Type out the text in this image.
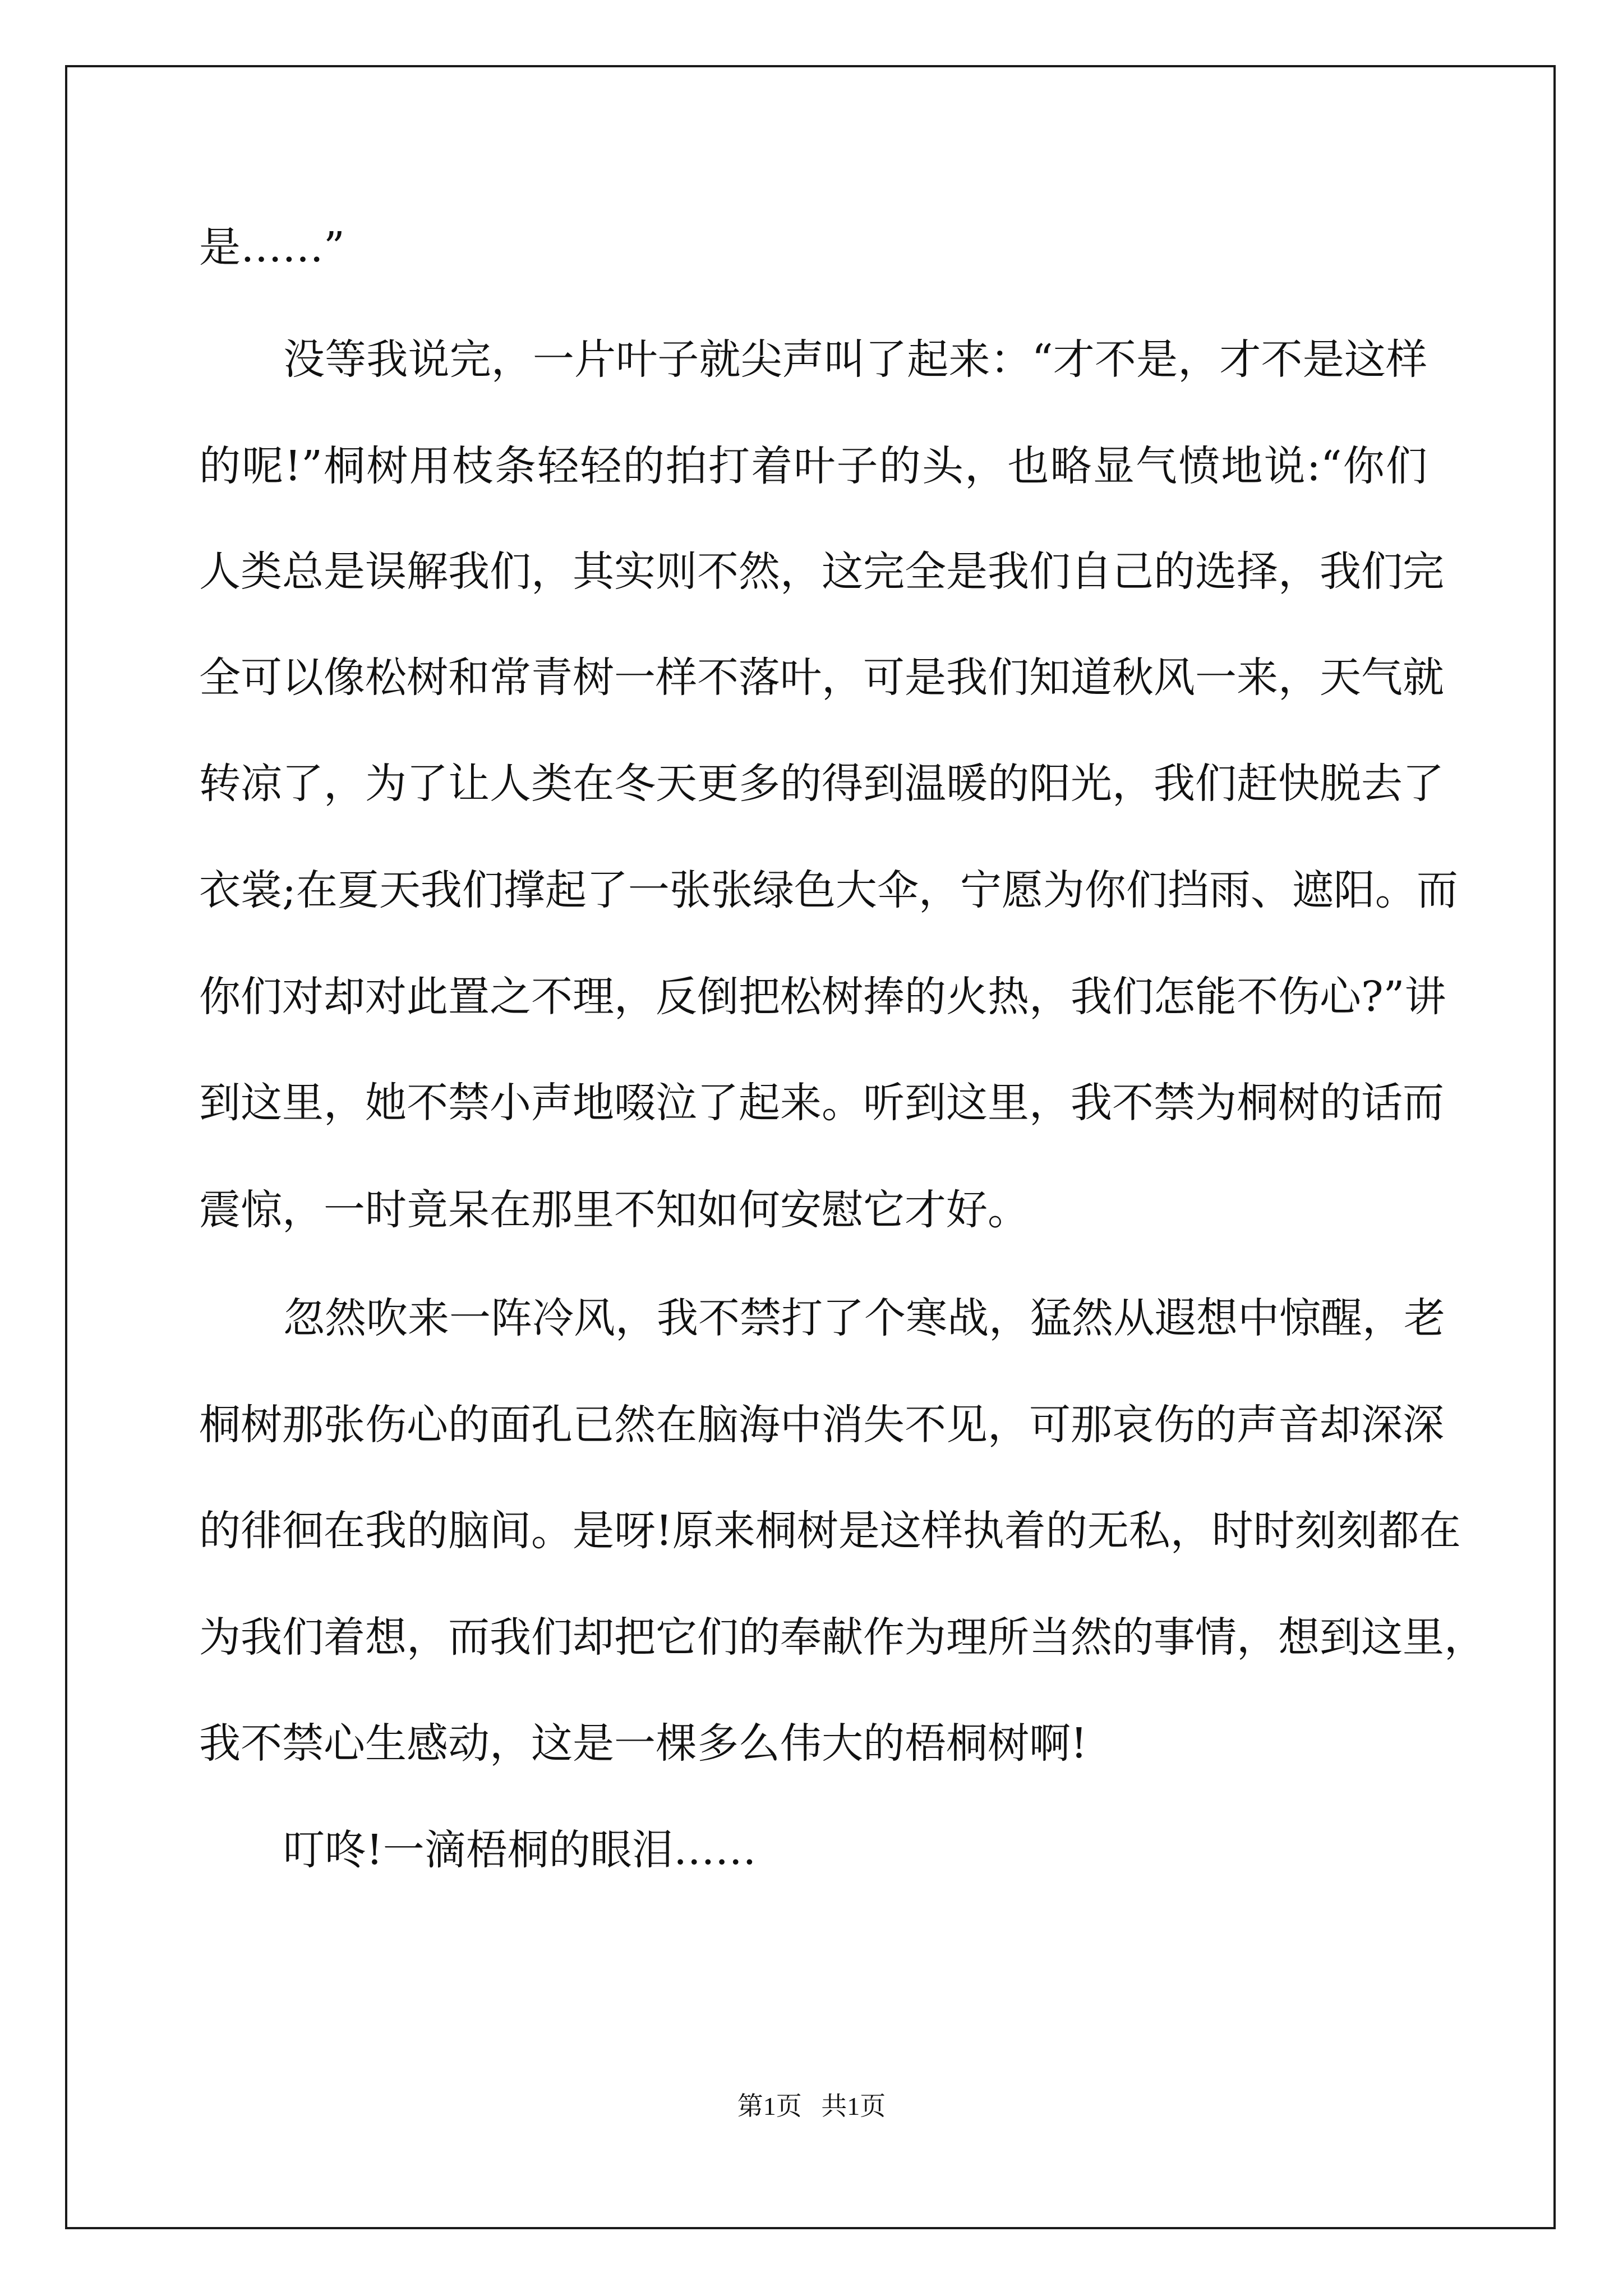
是……”
没等我说完，一片叶子就尖声叫了起来：“才不是，才不是这样
的呢!”桐树用枝条轻轻的拍打着叶子的头，也略显气愤地说:“你们
人类总是误解我们，其实则不然，这完全是我们自己的选择，我们完
全可以像松树和常青树一样不落叶，可是我们知道秋风一来，天气就
转凉了，为了让人类在冬天更多的得到温暖的阳光，我们赶快脱去了
衣裳;在夏天我们撑起了一张张绿色大伞，宁愿为你们挡雨、遮阳。而
你们对却对此置之不理，反倒把松树捧的火热，我们怎能不伤心?”讲
到这里，她不禁小声地啜泣了起来。听到这里，我不禁为桐树的话而
震惊，一时竟呆在那里不知如何安慰它才好。
忽然吹来一阵冷风，我不禁打了个寒战，猛然从遐想中惊醒，老
桐树那张伤心的面孔已然在脑海中消失不见，可那哀伤的声音却深深
的徘徊在我的脑间。是呀!原来桐树是这样执着的无私，时时刻刻都在
为我们着想，而我们却把它们的奉献作为理所当然的事情，想到这里，
我不禁心生感动，这是一棵多么伟大的梧桐树啊!
叮咚!一滴梧桐的眼泪……
第1页   共1页
